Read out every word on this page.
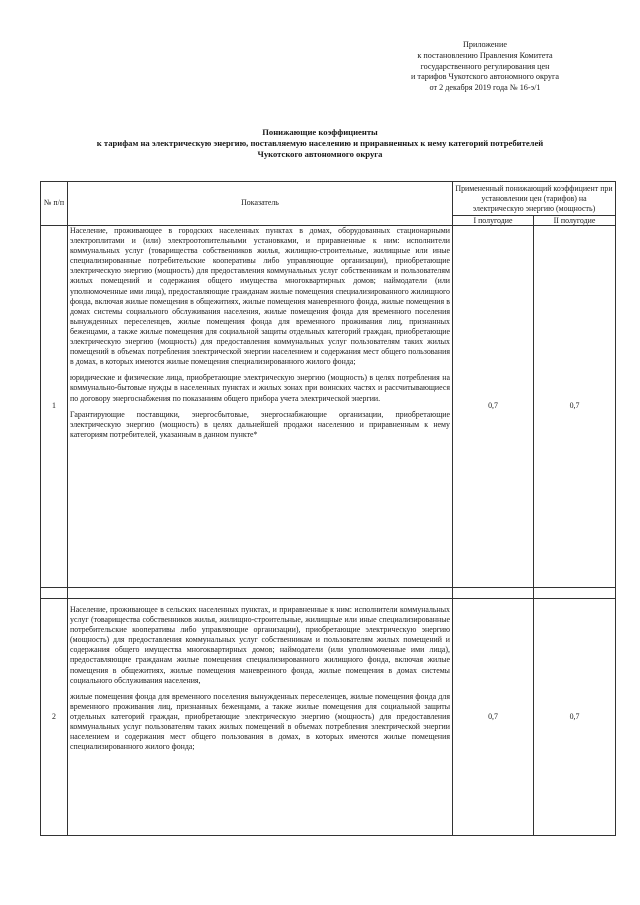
Приложение
к постановлению Правления Комитета
государственного регулирования цен
и тарифов Чукотского автономного округа
от 2 декабря 2019 года № 16-э/1
Понижающие коэффициенты
к тарифам на электрическую энергию, поставляемую населению и приравненных к нему категорий потребителей
Чукотского автономного округа
№ п/п	Показатель	Примененный понижающий коэффициент при установлении цен (тарифов) на электрическую энергию (мощность)	
		I полугодие	II полугодие
1	Население, проживающее в городских населенных пунктах в домах, оборудованных стационарными электроплитами и (или) электроотопительными установками, и приравненные к ним: исполнители коммунальных услуг (товарищества собственников жилья, жилищно-строительные, жилищные или иные специализированные потребительские кооперативы либо управляющие организации), приобретающие электрическую энергию (мощность) для предоставления коммунальных услуг собственникам и пользователям жилых помещений и содержания общего имущества многоквартирных домов; наймодатели (или уполномоченные ими лица), предоставляющие гражданам жилые помещения специализированного жилищного фонда, включая жилые помещения в общежитиях, жилые помещения маневренного фонда, жилые помещения в домах системы социального обслуживания населения, жилые помещения фонда для временного поселения вынужденных переселенцев, жилые помещения фонда для временного проживания лиц, признанных беженцами, а также жилые помещения для социальной защиты отдельных категорий граждан, приобретающие электрическую энергию (мощность) для предоставления коммунальных услуг пользователям таких жилых помещений в объемах потребления электрической энергии населением и содержания мест общего пользования в домах, в которых имеются жилые помещения специализированного жилого фонда;

юридические и физические лица, приобретающие электрическую энергию (мощность) в целях потребления на коммунально-бытовые нужды в населенных пунктах и жилых зонах при воинских частях и рассчитывающиеся по договору энергоснабжения по показаниям общего прибора учета электрической энергии.

Гарантирующие поставщики, энергосбытовые, энергоснабжающие организации, приобретающие электрическую энергию (мощность) в целях дальнейшей продажи населению и приравненным к нему категориям потребителей, указанным в данном пункте*	0,7	0,7

2	Население, проживающее в сельских населенных пунктах, и приравненные к ним: исполнители коммунальных услуг (товарищества собственников жилья, жилищно-строительные, жилищные или иные специализированные потребительские кооперативы либо управляющие организации), приобретающие электрическую энергию (мощность) для предоставления коммунальных услуг собственникам и пользователям жилых помещений и содержания общего имущества многоквартирных домов; наймодатели (или уполномоченные ими лица), предоставляющие гражданам жилые помещения специализированного жилищного фонда, включая жилые помещения в общежитиях, жилые помещения маневренного фонда, жилые помещения в домах системы социального обслуживания населения,

жилые помещения фонда для временного поселения вынужденных переселенцев, жилые помещения фонда для временного проживания лиц, признанных беженцами, а также жилые помещения для социальной защиты отдельных категорий граждан, приобретающие электрическую энергию (мощность) для предоставления коммунальных услуг пользователям таких жилых помещений в объемах потребления электрической энергии населением и содержания мест общего пользования в домах, в которых имеются жилые помещения специализированного жилого фонда;	0,7	0,7
